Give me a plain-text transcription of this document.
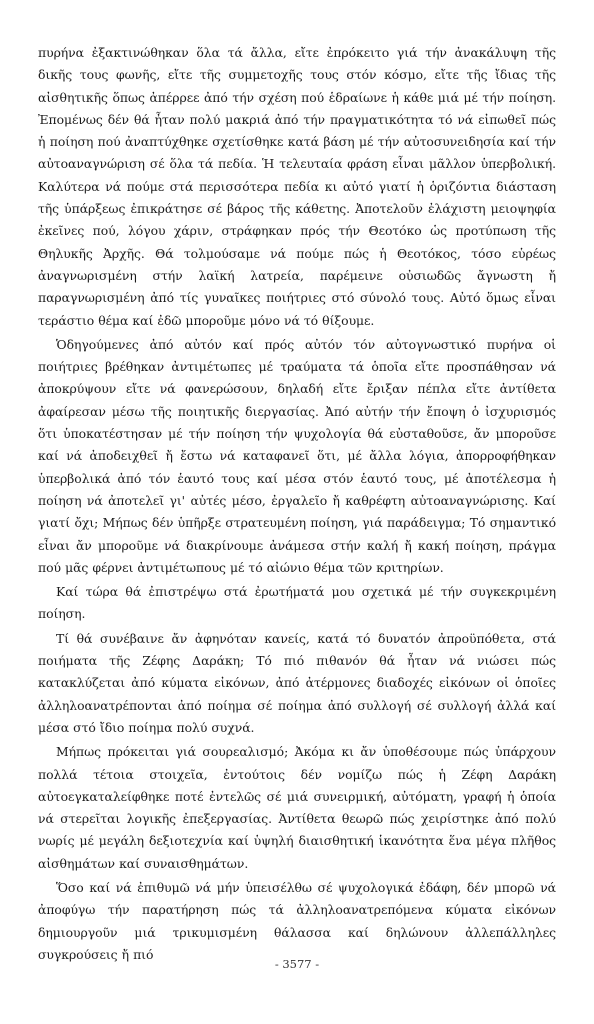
πυρήνα ἐξακτινώθηκαν ὅλα τά ἄλλα, εἴτε ἐπρόκειτο γιά τήν ἀνακάλυψη τῆς δικῆς τους φωνῆς, εἴτε τῆς συμμετοχῆς τους στόν κόσμο, εἴτε τῆς ἴδιας τῆς αἰσθητικῆς ὅπως ἀπέρρεε ἀπό τήν σχέση πού ἑδραίωνε ἡ κάθε μιά μέ τήν ποίηση. Ἐπομένως δέν θά ἦταν πολύ μακριά ἀπό τήν πραγματικότητα τό νά εἰπωθεῖ πώς ἡ ποίηση πού ἀναπτύχθηκε σχετίσθηκε κατά βάση μέ τήν αὐτοσυνειδησία καί τήν αὐτοαναγνώριση σέ ὅλα τά πεδία. Ἡ τελευταία φράση εἶναι μᾶλλον ὑπερβολική. Καλύτερα νά πούμε στά περισσότερα πεδία κι αὐτό γιατί ἡ ὁριζόντια διάσταση τῆς ὑπάρξεως ἐπικράτησε σέ βάρος τῆς κάθετης. Ἀποτελοῦν ἐλάχιστη μειοψηφία ἐκεῖνες πού, λόγου χάριν, στράφηκαν πρός τήν Θεοτόκο ὡς προτύπωση τῆς Θηλυκῆς Ἀρχῆς. Θά τολμούσαμε νά πούμε πώς ἡ Θεοτόκος, τόσο εὑρέως ἀναγνωρισμένη στήν λαϊκή λατρεία, παρέμεινε οὐσιωδῶς ἄγνωστη ἤ παραγνωρισμένη ἀπό τίς γυναῖκες ποιήτριες στό σύνολό τους. Αὐτό ὅμως εἶναι τεράστιο θέμα καί ἐδῶ μποροῦμε μόνο νά τό θίξουμε.

Ὁδηγούμενες ἀπό αὐτόν καί πρός αὐτόν τόν αὐτογνωστικό πυρήνα οἱ ποιήτριες βρέθηκαν ἀντιμέτωπες μέ τραύματα τά ὁποῖα εἴτε προσπάθησαν νά ἀποκρύψουν εἴτε νά φανερώσουν, δηλαδή εἴτε ἔριξαν πέπλα εἴτε ἀντίθετα ἀφαίρεσαν μέσω τῆς ποιητικῆς διεργασίας. Ἀπό αὐτήν τήν ἔποψη ὁ ἰσχυρισμός ὅτι ὑποκατέστησαν μέ τήν ποίηση τήν ψυχολογία θά εὐσταθοῦσε, ἄν μποροῦσε καί νά ἀποδειχθεῖ ἤ ἔστω νά καταφανεῖ ὅτι, μέ ἄλλα λόγια, ἀπορροφήθηκαν ὑπερβολικά ἀπό τόν ἑαυτό τους καί μέσα στόν ἑαυτό τους, μέ ἀποτέλεσμα ἡ ποίηση νά ἀποτελεῖ γι' αὐτές μέσο, ἐργαλεῖο ἤ καθρέφτη αὐτοαναγνώρισης. Καί γιατί ὄχι; Μήπως δέν ὑπῆρξε στρατευμένη ποίηση, γιά παράδειγμα; Τό σημαντικό εἶναι ἄν μποροῦμε νά διακρίνουμε ἀνάμεσα στήν καλή ἤ κακή ποίηση, πράγμα πού μᾶς φέρνει ἀντιμέτωπους μέ τό αἰώνιο θέμα τῶν κριτηρίων.

Καί τώρα θά ἐπιστρέψω στά ἐρωτήματά μου σχετικά μέ τήν συγκεκριμένη ποίηση.

Τί θά συνέβαινε ἄν ἀφηνόταν κανείς, κατά τό δυνατόν ἀπροϋπόθετα, στά ποιήματα τῆς Ζέφης Δαράκη; Τό πιό πιθανόν θά ἦταν νά νιώσει πώς κατακλύζεται ἀπό κύματα εἰκόνων, ἀπό ἀτέρμονες διαδοχές εἰκόνων οἱ ὁποῖες ἀλληλοανατρέπονται ἀπό ποίημα σέ ποίημα ἀπό συλλογή σέ συλλογή ἀλλά καί μέσα στό ἴδιο ποίημα πολύ συχνά.

Μήπως πρόκειται γιά σουρεαλισμό; Ἀκόμα κι ἄν ὑποθέσουμε πώς ὑπάρχουν πολλά τέτοια στοιχεῖα, ἐντούτοις δέν νομίζω πώς ἡ Ζέφη Δαράκη αὐτοεγκαταλείφθηκε ποτέ ἐντελῶς σέ μιά συνειρμική, αὐτόματη, γραφή ἡ ὁποία νά στερεῖται λογικῆς ἐπεξεργασίας. Ἀντίθετα θεωρῶ πώς χειρίστηκε ἀπό πολύ νωρίς μέ μεγάλη δεξιοτεχνία καί ὑψηλή διαισθητική ἱκανότητα ἕνα μέγα πλῆθος αἰσθημάτων καί συναισθημάτων.

Ὅσο καί νά ἐπιθυμῶ νά μήν ὑπεισέλθω σέ ψυχολογικά ἐδάφη, δέν μπορῶ νά ἀποφύγω τήν παρατήρηση πώς τά ἀλληλοανατρεπόμενα κύματα εἰκόνων δημιουργοῦν μιά τρικυμισμένη θάλασσα καί δηλώνουν ἀλλεπάλληλες συγκρούσεις ἤ πιό

- 3577 -
